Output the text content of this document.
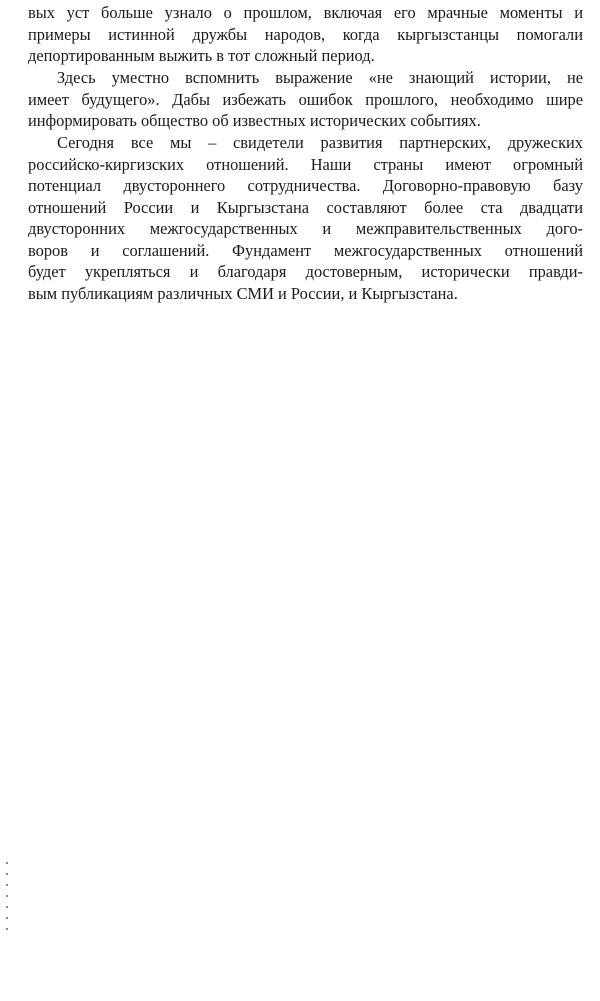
вых уст больше узнало о прошлом, включая его мрачные моменты и
примеры истинной дружбы народов, когда кыргызстанцы помогали
депортированным выжить в тот сложный период.
Здесь уместно вспомнить выражение «не знающий истории, не
имеет будущего». Дабы избежать ошибок прошлого, необходимо шире
информировать общество об известных исторических событиях.
Сегодня все мы – свидетели развития партнерских, дружеских
российско-киргизских отношений. Наши страны имеют огромный
потенциал двустороннего сотрудничества. Договорно-правовую базу
отношений России и Кыргызстана составляют более ста двадцати
двусторонних межгосударственных и межправительственных дого-
воров и соглашений. Фундамент межгосударственных отношений
будет укрепляться и благодаря достоверным, исторически правди-
вым публикациям различных СМИ и России, и Кыргызстана.
